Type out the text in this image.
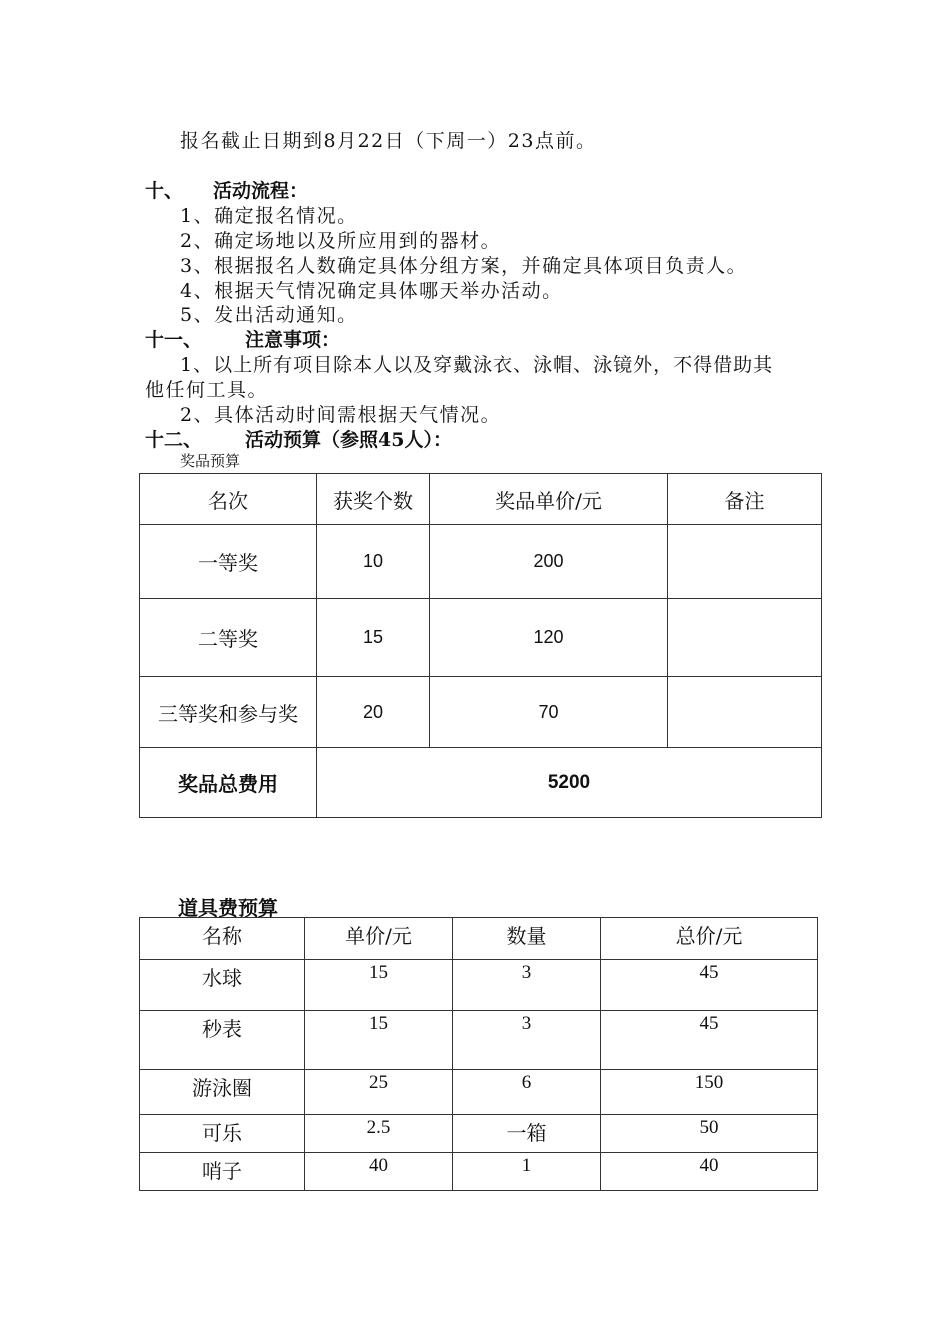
报名截止日期到8月22日（下周一）23点前。
十、 活动流程：
1、确定报名情况。
2、确定场地以及所应用到的器材。
3、根据报名人数确定具体分组方案，并确定具体项目负责人。
4、根据天气情况确定具体哪天举办活动。
5、发出活动通知。
十一、 注意事项：
1、以上所有项目除本人以及穿戴泳衣、泳帽、泳镜外，不得借助其
他任何工具。
2、具体活动时间需根据天气情况。
十二、 活动预算（参照45人）：
奖品预算
名次	获奖个数	奖品单价/元	备注
一等奖	10	200	
二等奖	15	120	
三等奖和参与奖	20	70	
奖品总费用	5200		
道具费预算
名称	单价/元	数量	总价/元
水球	15	3	45
秒表	15	3	45
游泳圈	25	6	150
可乐	2.5	一箱	50
哨子	40	1	40
